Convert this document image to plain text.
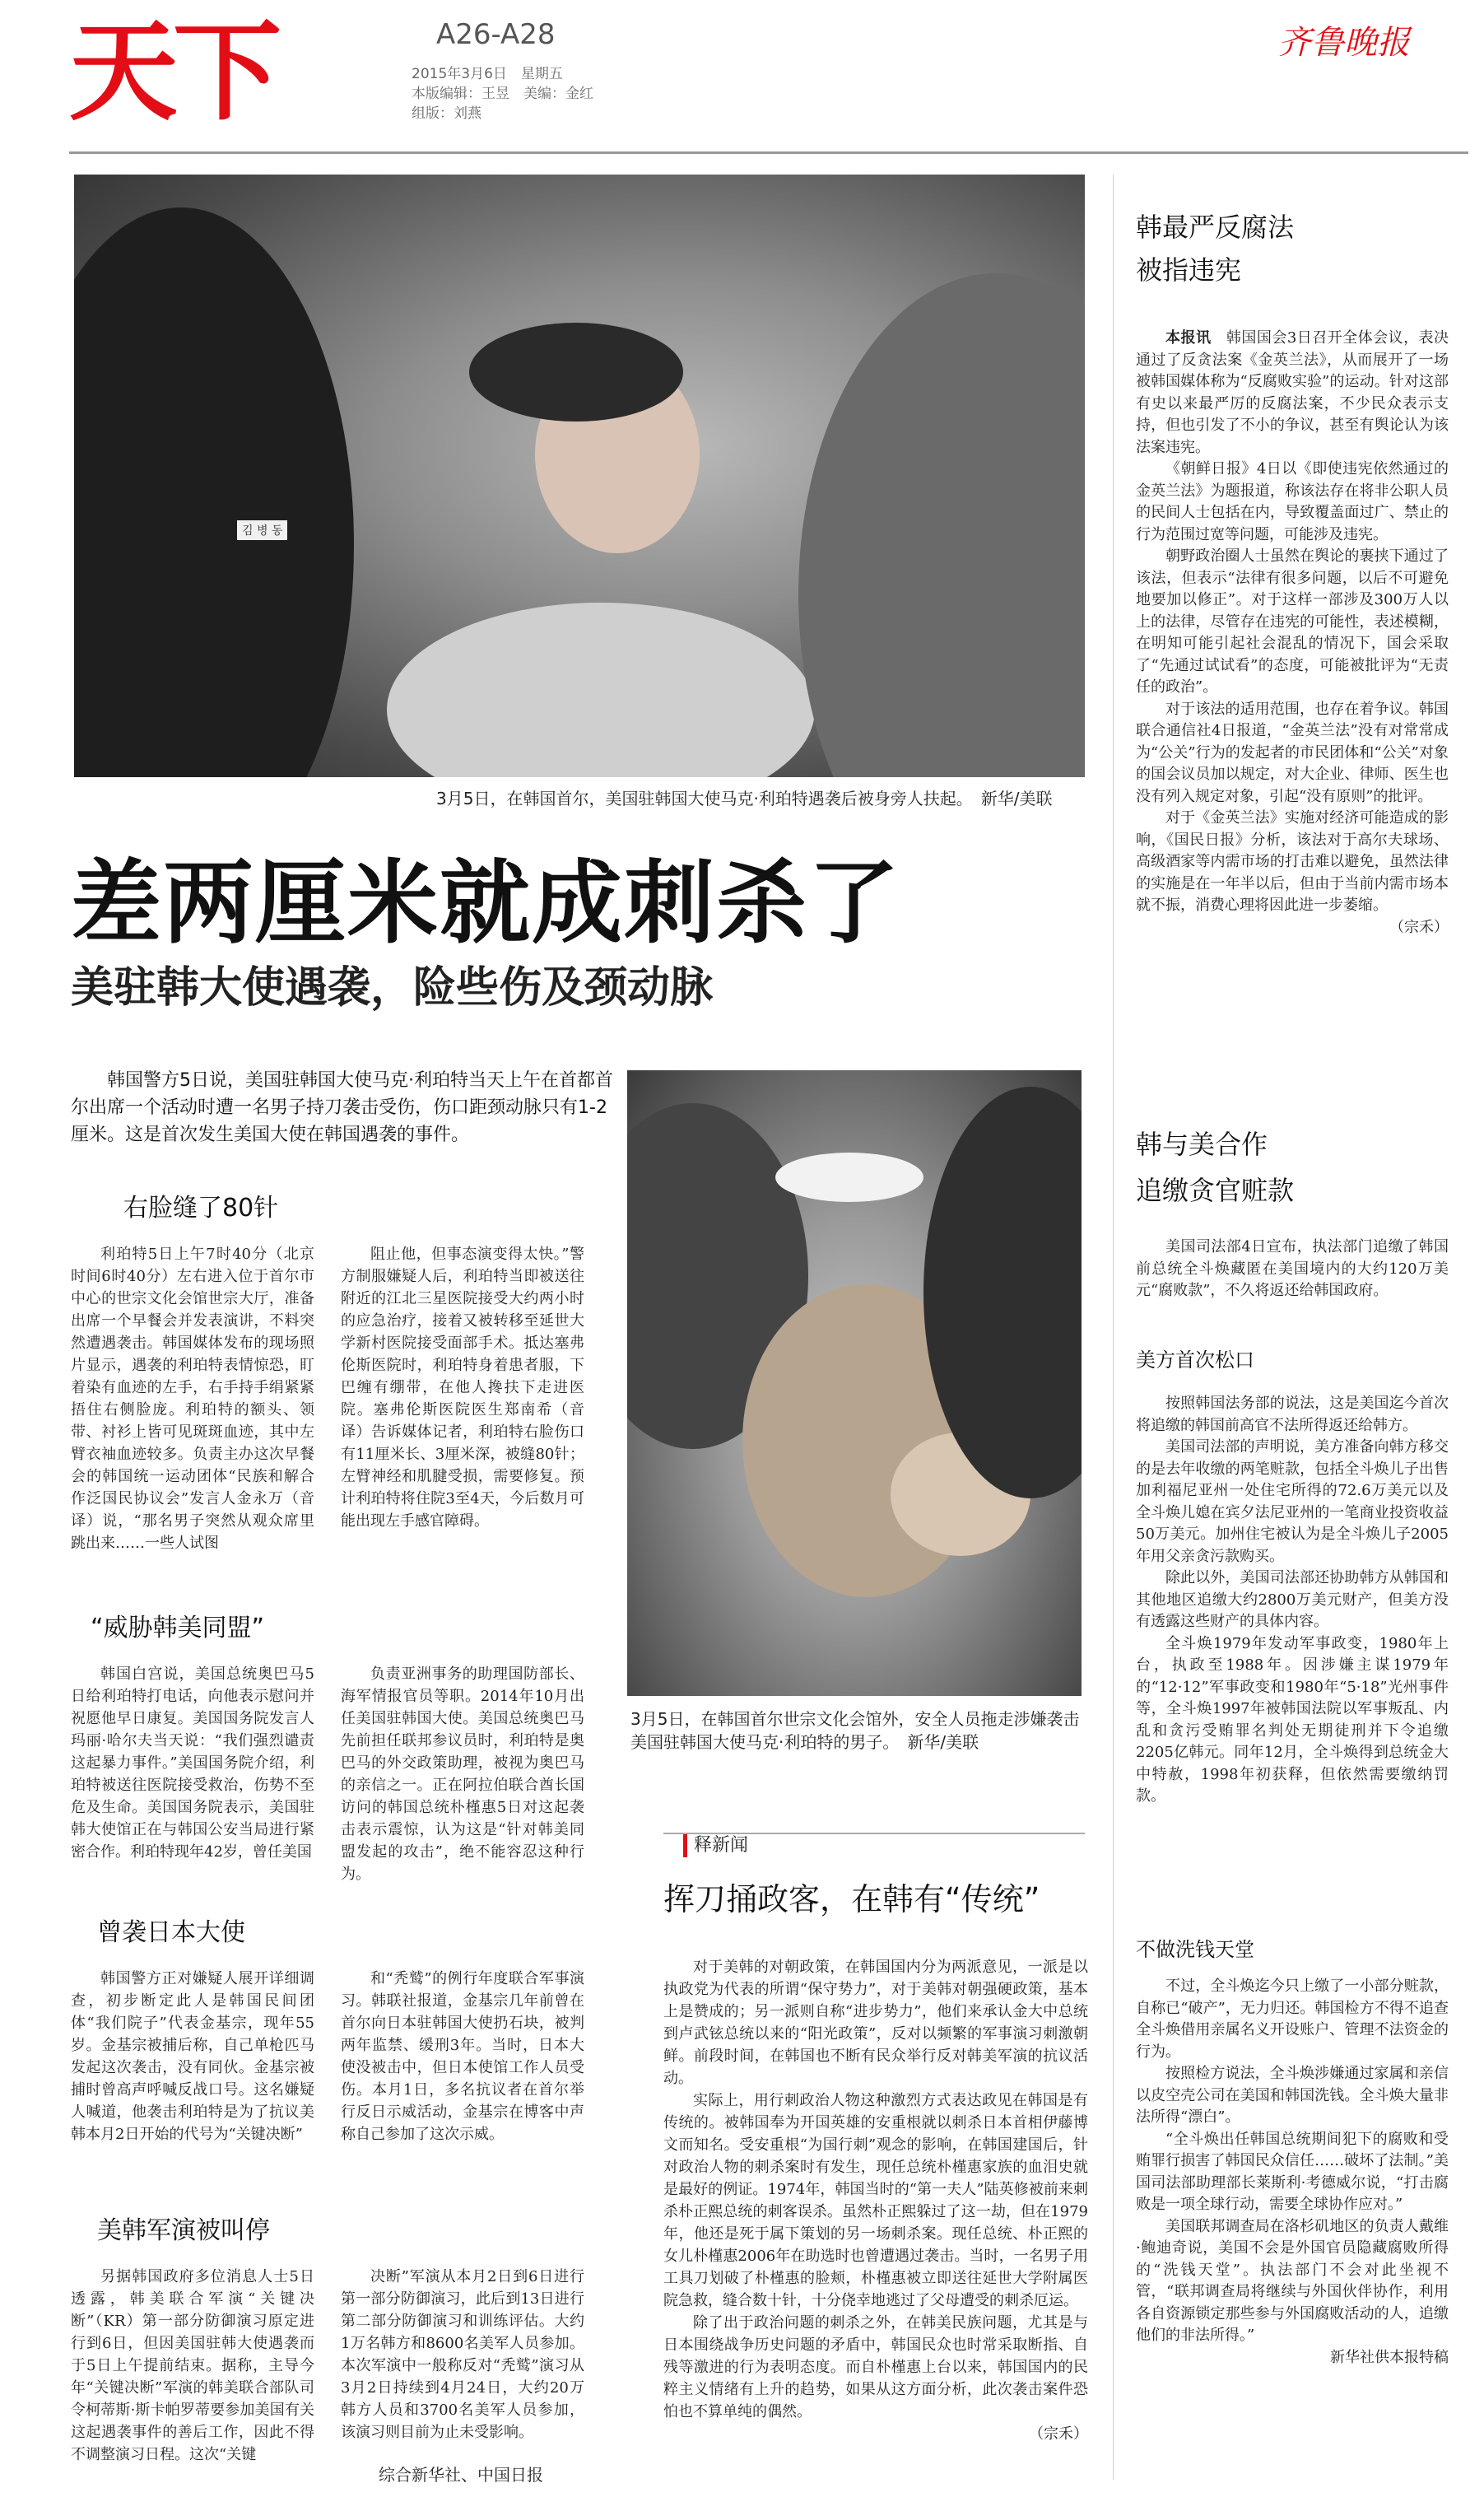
天下	A26-A28
2015年3月6日　星期五
本版编辑：王昱　美编：金红
组版：刘燕
齐鲁晚报
김 병 동
3月5日，在韩国首尔，美国驻韩国大使马克·利珀特遇袭后被身旁人扶起。　新华/美联
差两厘米就成刺杀了
美驻韩大使遇袭，险些伤及颈动脉
韩国警方5日说，美国驻韩国大使马克·利珀特当天上午在首都首尔出席一个活动时遭一名男子持刀袭击受伤，伤口距颈动脉只有1-2厘米。这是首次发生美国大使在韩国遇袭的事件。
右脸缝了80针
利珀特5日上午7时40分（北京时间6时40分）左右进入位于首尔市中心的世宗文化会馆世宗大厅，准备出席一个早餐会并发表演讲，不料突然遭遇袭击。韩国媒体发布的现场照片显示，遇袭的利珀特表情惊恐，盯着染有血迹的左手，右手持手绢紧紧捂住右侧脸庞。利珀特的额头、领带、衬衫上皆可见斑斑血迹，其中左臂衣袖血迹较多。负责主办这次早餐会的韩国统一运动团体“民族和解合作泛国民协议会”发言人金永万（音译）说，“那名男子突然从观众席里跳出来……一些人试图
阻止他，但事态演变得太快。”警方制服嫌疑人后，利珀特当即被送往附近的江北三星医院接受大约两小时的应急治疗，接着又被转移至延世大学新村医院接受面部手术。抵达塞弗伦斯医院时，利珀特身着患者服，下巴缠有绷带，在他人搀扶下走进医院。塞弗伦斯医院医生郑南希（音译）告诉媒体记者，利珀特右脸伤口有11厘米长、3厘米深，被缝80针；左臂神经和肌腱受损，需要修复。预计利珀特将住院3至4天，今后数月可能出现左手感官障碍。
“威胁韩美同盟”
韩国白宫说，美国总统奥巴马5日给利珀特打电话，向他表示慰问并祝愿他早日康复。美国国务院发言人玛丽·哈尔夫当天说：“我们强烈谴责这起暴力事件。”美国国务院介绍，利珀特被送往医院接受救治，伤势不至危及生命。美国国务院表示，美国驻韩大使馆正在与韩国公安当局进行紧密合作。利珀特现年42岁，曾任美国
负责亚洲事务的助理国防部长、海军情报官员等职。2014年10月出任美国驻韩国大使。美国总统奥巴马先前担任联邦参议员时，利珀特是奥巴马的外交政策助理，被视为奥巴马的亲信之一。正在阿拉伯联合酋长国访问的韩国总统朴槿惠5日对这起袭击表示震惊，认为这是“针对韩美同盟发起的攻击”，绝不能容忍这种行为。
曾袭日本大使
韩国警方正对嫌疑人展开详细调查，初步断定此人是韩国民间团体“我们院子”代表金基宗，现年55岁。金基宗被捕后称，自己单枪匹马发起这次袭击，没有同伙。金基宗被捕时曾高声呼喊反战口号。这名嫌疑人喊道，他袭击利珀特是为了抗议美韩本月2日开始的代号为“关键决断”
和“秃鹫”的例行年度联合军事演习。韩联社报道，金基宗几年前曾在首尔向日本驻韩国大使扔石块，被判两年监禁、缓刑3年。当时，日本大使没被击中，但日本使馆工作人员受伤。本月1日，多名抗议者在首尔举行反日示威活动，金基宗在博客中声称自己参加了这次示威。
美韩军演被叫停
另据韩国政府多位消息人士5日透露，韩美联合军演“关键决断”（KR）第一部分防御演习原定进行到6日，但因美国驻韩大使遇袭而于5日上午提前结束。据称，主导今年“关键决断”军演的韩美联合部队司令柯蒂斯·斯卡帕罗蒂要参加美国有关这起遇袭事件的善后工作，因此不得不调整演习日程。这次“关键
决断”军演从本月2日到6日进行第一部分防御演习，此后到13日进行第二部分防御演习和训练评估。大约1万名韩方和8600名美军人员参加。本次军演中一般称反对“秃鹫”演习从3月2日持续到4月24日，大约20万韩方人员和3700名美军人员参加，该演习则目前为止未受影响。
综合新华社、中国日报
3月5日，在韩国首尔世宗文化会馆外，安全人员拖走涉嫌袭击美国驻韩国大使马克·利珀特的男子。　新华/美联
释新闻
挥刀捅政客，在韩有“传统”

对于美韩的对朝政策，在韩国国内分为两派意见，一派是以执政党为代表的所谓“保守势力”，对于美韩对朝强硬政策，基本上是赞成的；另一派则自称“进步势力”，他们来承认金大中总统到卢武铉总统以来的“阳光政策”，反对以频繁的军事演习刺激朝鲜。前段时间，在韩国也不断有民众举行反对韩美军演的抗议活动。

实际上，用行刺政治人物这种激烈方式表达政见在韩国是有传统的。被韩国奉为开国英雄的安重根就以刺杀日本首相伊藤博文而知名。受安重根“为国行刺”观念的影响，在韩国建国后，针对政治人物的刺杀案时有发生，现任总统朴槿惠家族的血泪史就是最好的例证。1974年，韩国当时的“第一夫人”陆英修被前来刺杀朴正熙总统的刺客误杀。虽然朴正熙躲过了这一劫，但在1979年，他还是死于属下策划的另一场刺杀案。现任总统、朴正熙的女儿朴槿惠2006年在助选时也曾遭遇过袭击。当时，一名男子用工具刀划破了朴槿惠的脸颊，朴槿惠被立即送往延世大学附属医院急救，缝合数十针，十分侥幸地逃过了父母遭受的刺杀厄运。

除了出于政治问题的刺杀之外，在韩美民族问题，尤其是与日本围绕战争历史问题的矛盾中，韩国民众也时常采取断指、自残等激进的行为表明态度。而自朴槿惠上台以来，韩国国内的民粹主义情绪有上升的趋势，如果从这方面分析，此次袭击案件恐怕也不算单纯的偶然。

（宗禾）
韩最严反腐法
被指违宪

本报讯　 韩国国会3日召开全体会议，表决通过了反贪法案《金英兰法》，从而展开了一场被韩国媒体称为“反腐败实验”的运动。针对这部有史以来最严厉的反腐法案，不少民众表示支持，但也引发了不小的争议，甚至有舆论认为该法案违宪。

《朝鲜日报》4日以《即使违宪依然通过的金英兰法》为题报道，称该法存在将非公职人员的民间人士包括在内，导致覆盖面过广、禁止的行为范围过宽等问题，可能涉及违宪。

朝野政治圈人士虽然在舆论的裹挟下通过了该法，但表示“法律有很多问题，以后不可避免地要加以修正”。对于这样一部涉及300万人以上的法律，尽管存在违宪的可能性，表述模糊，在明知可能引起社会混乱的情况下，国会采取了“先通过试试看”的态度，可能被批评为“无责任的政治”。

对于该法的适用范围，也存在着争议。韩国联合通信社4日报道，“金英兰法”没有对常常成为“公关”行为的发起者的市民团体和“公关”对象的国会议员加以规定，对大企业、律师、医生也没有列入规定对象，引起“没有原则”的批评。

对于《金英兰法》实施对经济可能造成的影响，《国民日报》分析，该法对于高尔夫球场、高级酒家等内需市场的打击难以避免，虽然法律的实施是在一年半以后，但由于当前内需市场本就不振，消费心理将因此进一步萎缩。

（宗禾）
韩与美合作
追缴贪官赃款

美国司法部4日宣布，执法部门追缴了韩国前总统全斗焕藏匿在美国境内的大约120万美元“腐败款”，不久将返还给韩国政府。

美方首次松口

按照韩国法务部的说法，这是美国迄今首次将追缴的韩国前高官不法所得返还给韩方。

美国司法部的声明说，美方准备向韩方移交的是去年收缴的两笔赃款，包括全斗焕儿子出售加利福尼亚州一处住宅所得的72.6万美元以及全斗焕儿媳在宾夕法尼亚州的一笔商业投资收益50万美元。加州住宅被认为是全斗焕儿子2005年用父亲贪污款购买。

除此以外，美国司法部还协助韩方从韩国和其他地区追缴大约2800万美元财产，但美方没有透露这些财产的具体内容。

全斗焕1979年发动军事政变，1980年上台，执政至1988年。因涉嫌主谋1979年的“12·12”军事政变和1980年“5·18”光州事件等，全斗焕1997年被韩国法院以军事叛乱、内乱和贪污受贿罪名判处无期徒刑并下令追缴2205亿韩元。同年12月，全斗焕得到总统金大中特赦，1998年初获释，但依然需要缴纳罚款。

不做洗钱天堂

不过，全斗焕迄今只上缴了一小部分赃款，自称已“破产”，无力归还。韩国检方不得不追查全斗焕借用亲属名义开设账户、管理不法资金的行为。

按照检方说法，全斗焕涉嫌通过家属和亲信以皮空壳公司在美国和韩国洗钱。全斗焕大量非法所得“漂白”。

“全斗焕出任韩国总统期间犯下的腐败和受贿罪行损害了韩国民众信任……破坏了法制。”美国司法部助理部长莱斯利·考德威尔说，“打击腐败是一项全球行动，需要全球协作应对。”

美国联邦调查局在洛杉矶地区的负责人戴维·鲍迪奇说，美国不会是外国官员隐藏腐败所得的“洗钱天堂”。执法部门不会对此坐视不管，“联邦调查局将继续与外国伙伴协作，利用各自资源锁定那些参与外国腐败活动的人，追缴他们的非法所得。”

新华社供本报特稿
